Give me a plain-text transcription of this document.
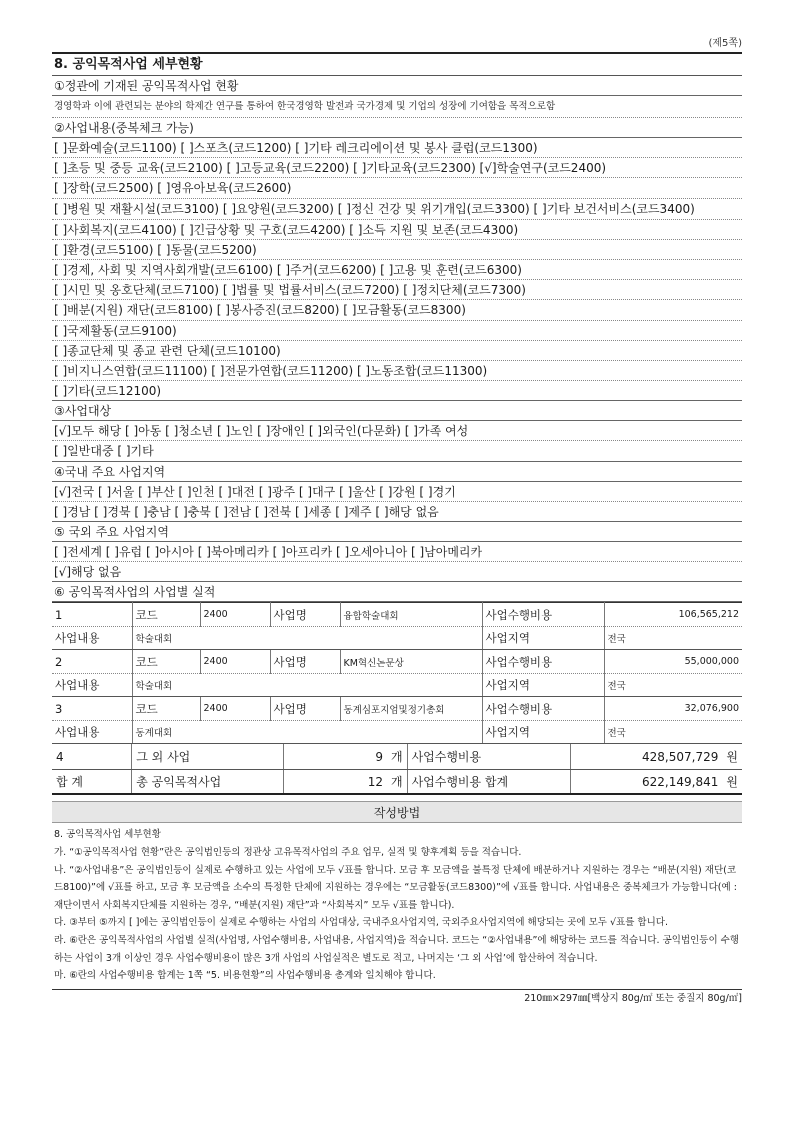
(제5쪽)
8. 공익목적사업 세부현황
①정관에 기재된 공익목적사업 현황
경영학과 이에 관련되는 분야의 학제간 연구를 통하여 한국경영학 발전과 국가경제 및 기업의 성장에 기여함을 목적으로함
②사업내용(중복체크 가능)
[ ]문화예술(코드1100) [ ]스포츠(코드1200) [ ]기타 레크리에이션 및 봉사 클럽(코드1300)
[ ]초등 및 중등 교육(코드2100) [ ]고등교육(코드2200) [ ]기타교육(코드2300) [√]학술연구(코드2400)
[ ]장학(코드2500) [ ]영유아보육(코드2600)
[ ]병원 및 재활시설(코드3100) [ ]요양원(코드3200) [ ]정신 건강 및 위기개입(코드3300) [ ]기타 보건서비스(코드3400)
[ ]사회복지(코드4100) [ ]긴급상황 및 구호(코드4200) [ ]소득 지원 및 보존(코드4300)
[ ]환경(코드5100) [ ]동물(코드5200)
[ ]경제, 사회 및 지역사회개발(코드6100) [ ]주거(코드6200) [ ]고용 및 훈련(코드6300)
[ ]시민 및 옹호단체(코드7100) [ ]법률 및 법률서비스(코드7200) [ ]정치단체(코드7300)
[ ]배분(지원) 재단(코드8100) [ ]봉사증진(코드8200) [ ]모금활동(코드8300)
[ ]국제활동(코드9100)
[ ]종교단체 및 종교 관련 단체(코드10100)
[ ]비지니스연합(코드11100) [ ]전문가연합(코드11200) [ ]노동조합(코드11300)
[ ]기타(코드12100)
③사업대상
[√]모두 해당 [ ]아동 [ ]청소년 [ ]노인 [ ]장애인 [ ]외국인(다문화) [ ]가족 여성
[ ]일반대중 [ ]기타
④국내 주요 사업지역
[√]전국 [ ]서울 [ ]부산 [ ]인천 [ ]대전 [ ]광주 [ ]대구 [ ]울산 [ ]강원 [ ]경기
[ ]경남 [ ]경북 [ ]충남 [ ]충북 [ ]전남 [ ]전북 [ ]세종 [ ]제주 [ ]해당 없음
⑤ 국외 주요 사업지역
[ ]전세계 [ ]유럽 [ ]아시아 [ ]북아메리카 [ ]아프리카 [ ]오세아니아 [ ]남아메리카
[√]해당 없음
⑥ 공익목적사업의 사업별 실적
1	코드	2400	사업명	융합학술대회	사업수행비용	106,565,212
사업내용	학술대회				사업지역	전국
2	코드	2400	사업명	KM혁신논문상	사업수행비용	55,000,000
사업내용	학술대회				사업지역	전국
3	코드	2400	사업명	동계심포지엄및정기총회	사업수행비용	32,076,900
사업내용	동계대회				사업지역	전국
4	그 외 사업	9	개	사업수행비용	428,507,729	원
합 계	총 공익목적사업	12	개	사업수행비용 합계	622,149,841	원
작성방법

8. 공익목적사업 세부현황

가. “①공익목적사업 현황”란은 공익법인등의 정관상 고유목적사업의 주요 업무, 실적 및 향후계획 등을 적습니다.

나. “②사업내용”은 공익법인등이 실제로 수행하고 있는 사업에 모두 √표를 합니다. 모금 후 모금액을 불특정 단체에 배분하거나 지원하는 경우는 “배분(지원) 재단(코드8100)”에 √표를 하고, 모금 후 모금액을 소수의 특정한 단체에 지원하는 경우에는 “모금활동(코드8300)”에 √표를 합니다. 사업내용은 중복체크가 가능합니다(예 : 재단이면서 사회복지단체를 지원하는 경우, “배분(지원) 재단”과 “사회복지” 모두 √표를 합니다).

다. ③부터 ⑤까지 [ ]에는 공익법인등이 실제로 수행하는 사업의 사업대상, 국내주요사업지역, 국외주요사업지역에 해당되는 곳에 모두 √표를 합니다.

라. ⑥란은 공익목적사업의 사업별 실적(사업명, 사업수행비용, 사업내용, 사업지역)을 적습니다. 코드는 “②사업내용”에 해당하는 코드를 적습니다. 공익법인등이 수행하는 사업이 3개 이상인 경우 사업수행비용이 많은 3개 사업의 사업실적은 별도로 적고, 나머지는 ‘그 외 사업’에 합산하여 적습니다.

마. ⑥란의 사업수행비용 합계는 1쪽 “5. 비용현황”의 사업수행비용 총계와 일치해야 합니다.

210㎜×297㎜[백상지 80g/㎡ 또는 중질지 80g/㎡]
